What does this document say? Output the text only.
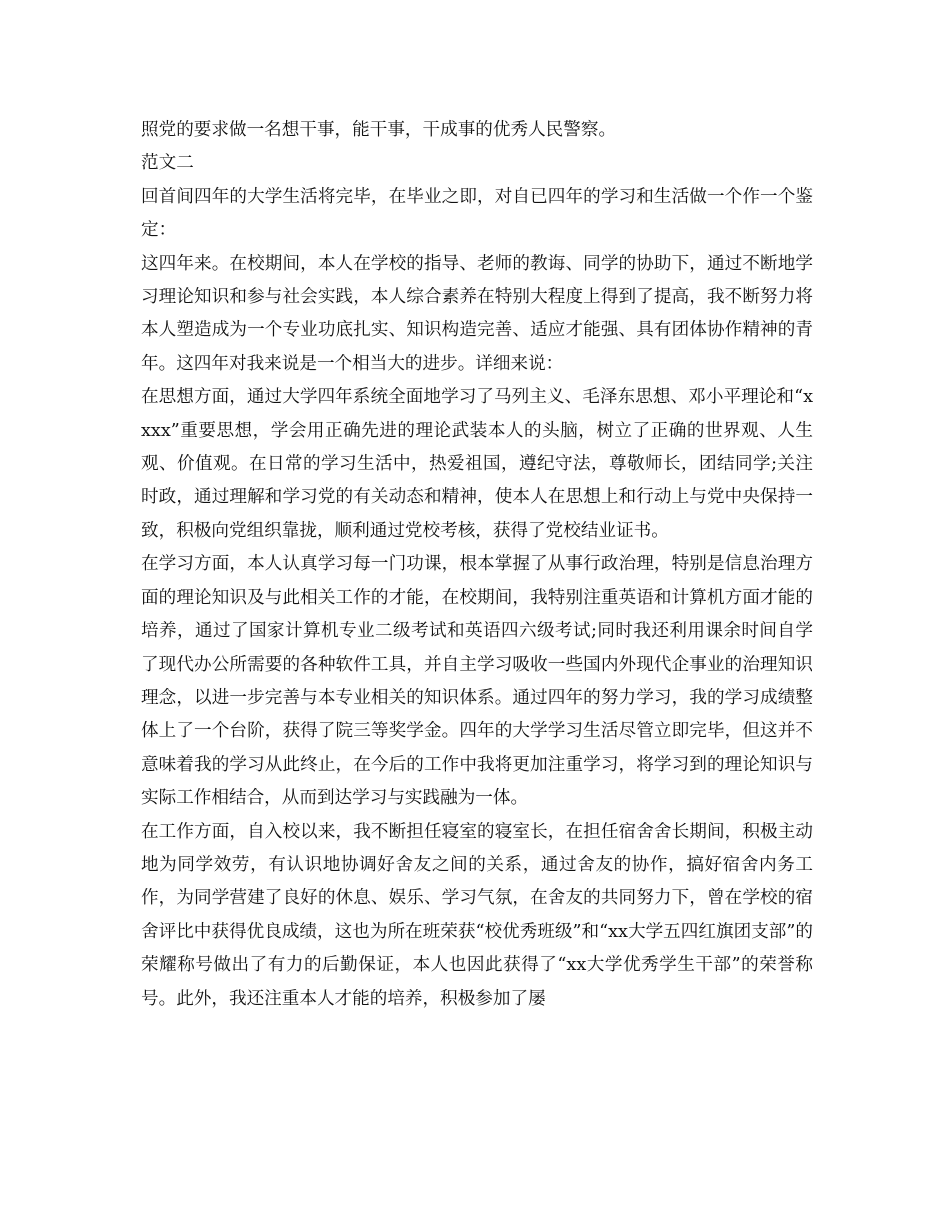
照党的要求做一名想干事，能干事，干成事的优秀人民警察。

范文二

回首间四年的大学生活将完毕，在毕业之即，对自已四年的学习和生活做一个作一个鉴定：

这四年来。在校期间，本人在学校的指导、老师的教诲、同学的协助下，通过不断地学习理论知识和参与社会实践，本人综合素养在特别大程度上得到了提高，我不断努力将本人塑造成为一个专业功底扎实、知识构造完善、适应才能强、具有团体协作精神的青年。这四年对我来说是一个相当大的进步。详细来说：

在思想方面，通过大学四年系统全面地学习了马列主义、毛泽东思想、邓小平理论和“xxxx”重要思想，学会用正确先进的理论武装本人的头脑，树立了正确的世界观、人生观、价值观。在日常的学习生活中，热爱祖国，遵纪守法，尊敬师长，团结同学;关注时政，通过理解和学习党的有关动态和精神，使本人在思想上和行动上与党中央保持一致，积极向党组织靠拢，顺利通过党校考核，获得了党校结业证书。

在学习方面，本人认真学习每一门功课，根本掌握了从事行政治理，特别是信息治理方面的理论知识及与此相关工作的才能，在校期间，我特别注重英语和计算机方面才能的培养，通过了国家计算机专业二级考试和英语四六级考试;同时我还利用课余时间自学了现代办公所需要的各种软件工具，并自主学习吸收一些国内外现代企事业的治理知识理念，以进一步完善与本专业相关的知识体系。通过四年的努力学习，我的学习成绩整体上了一个台阶，获得了院三等奖学金。四年的大学学习生活尽管立即完毕，但这并不意味着我的学习从此终止，在今后的工作中我将更加注重学习，将学习到的理论知识与实际工作相结合，从而到达学习与实践融为一体。

在工作方面，自入校以来，我不断担任寝室的寝室长，在担任宿舍舍长期间，积极主动地为同学效劳，有认识地协调好舍友之间的关系，通过舍友的协作，搞好宿舍内务工作，为同学营建了良好的休息、娱乐、学习气氛，在舍友的共同努力下，曾在学校的宿舍评比中获得优良成绩，这也为所在班荣获“校优秀班级”和“xx大学五四红旗团支部”的荣耀称号做出了有力的后勤保证，本人也因此获得了“xx大学优秀学生干部”的荣誉称号。此外，我还注重本人才能的培养，积极参加了屡
